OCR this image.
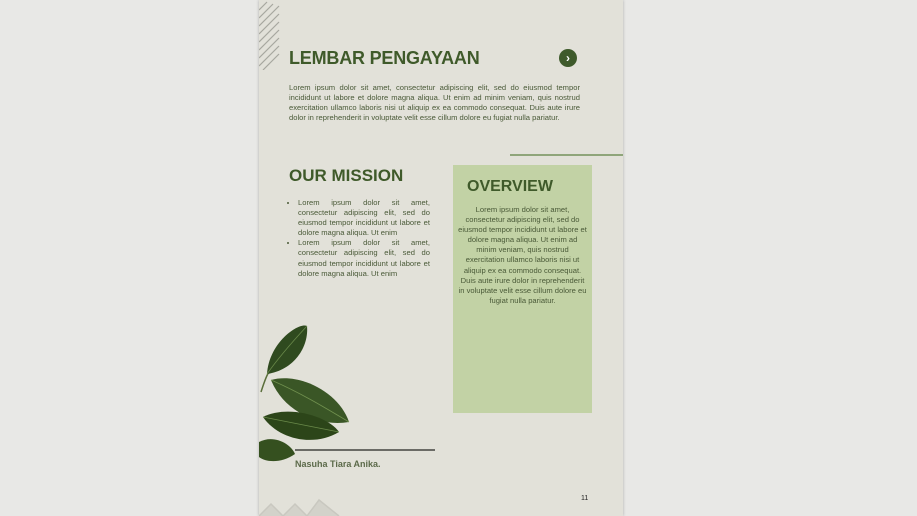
LEMBAR PENGAYAAN	›

Lorem ipsum dolor sit amet, consectetur adipiscing elit, sed do eiusmod tempor incididunt ut labore et dolore magna aliqua. Ut enim ad minim veniam, quis nostrud exercitation ullamco laboris nisi ut aliquip ex ea commodo consequat. Duis aute irure dolor in reprehenderit in voluptate velit esse cillum dolore eu fugiat nulla pariatur.

OUR MISSION
• Lorem ipsum dolor sit amet, consectetur adipiscing elit, sed do eiusmod tempor incididunt ut labore et dolore magna aliqua. Ut enim
• Lorem ipsum dolor sit amet, consectetur adipiscing elit, sed do eiusmod tempor incididunt ut labore et dolore magna aliqua. Ut enim
OVERVIEW

Lorem ipsum dolor sit amet, consectetur adipiscing elit, sed do eiusmod tempor incididunt ut labore et dolore magna aliqua. Ut enim ad minim veniam, quis nostrud exercitation ullamco laboris nisi ut aliquip ex ea commodo consequat. Duis aute irure dolor in reprehenderit in voluptate velit esse cillum dolore eu fugiat nulla pariatur.

Nasuha Tiara Anika.

11
